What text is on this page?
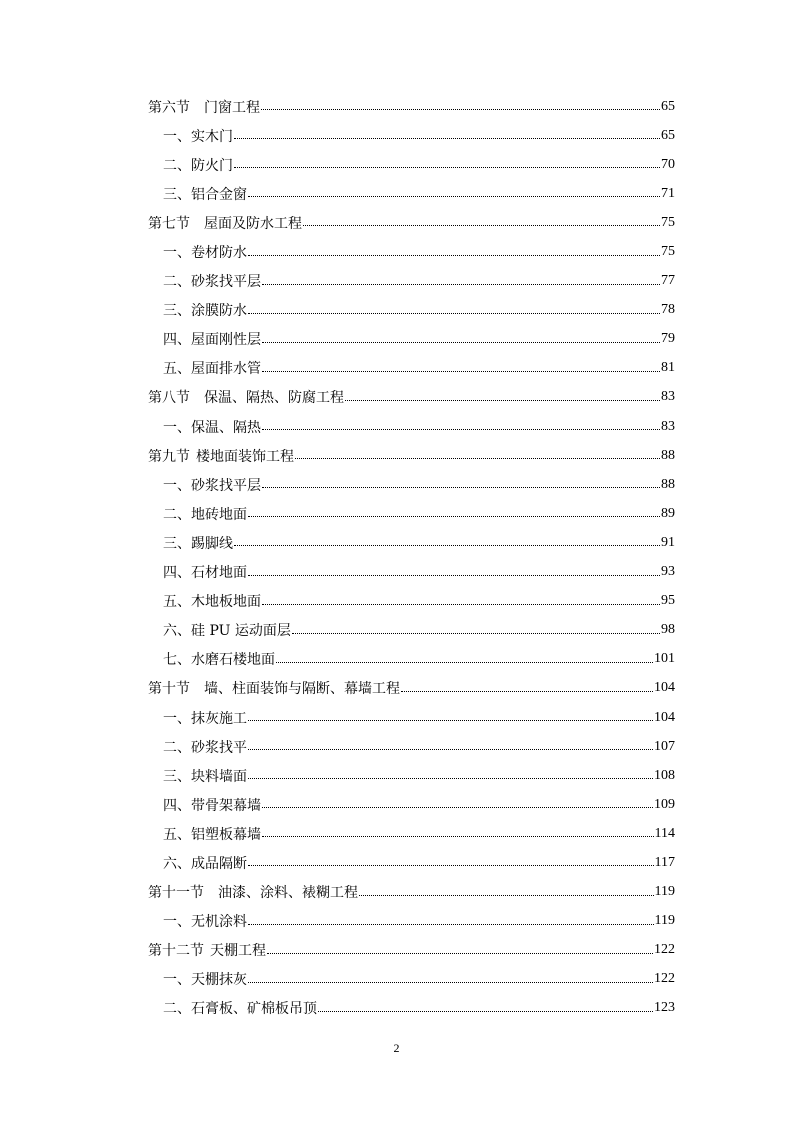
第六节 门窗工程	65
一、实木门	65
二、防火门	70
三、铝合金窗	71
第七节 屋面及防水工程	75
一、卷材防水	75
二、砂浆找平层	77
三、涂膜防水	78
四、屋面刚性层	79
五、屋面排水管	81
第八节 保温、隔热、防腐工程	83
一、保温、隔热	83
第九节 楼地面装饰工程	88
一、砂浆找平层	88
二、地砖地面	89
三、踢脚线	91
四、石材地面	93
五、木地板地面	95
六、硅 PU 运动面层	98
七、水磨石楼地面	101
第十节 墙、柱面装饰与隔断、幕墙工程	104
一、抹灰施工	104
二、砂浆找平	107
三、块料墙面	108
四、带骨架幕墙	109
五、铝塑板幕墙	114
六、成品隔断	117
第十一节 油漆、涂料、裱糊工程	119
一、无机涂料	119
第十二节 天棚工程	122
一、天棚抹灰	122
二、石膏板、矿棉板吊顶	123
2
